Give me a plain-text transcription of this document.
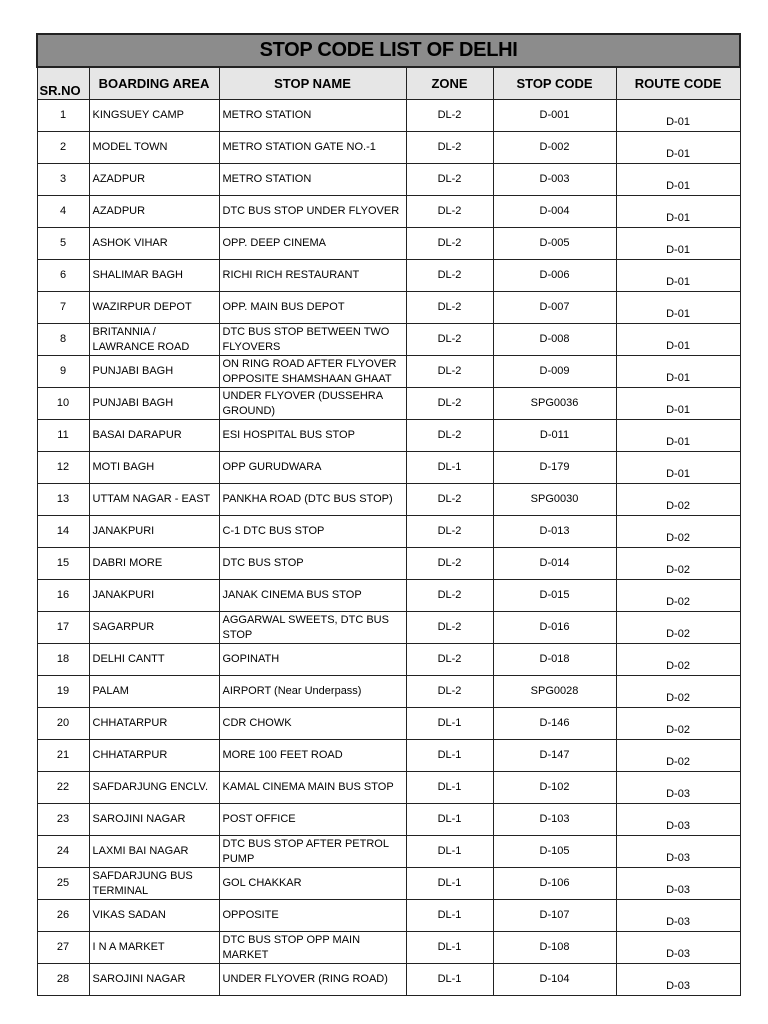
STOP CODE LIST OF DELHI					
SR.NO	BOARDING AREA	STOP NAME	ZONE	STOP CODE	ROUTE CODE
1	KINGSUEY CAMP	METRO STATION	DL-2	D-001	D-01
2	MODEL TOWN	METRO STATION GATE NO.-1	DL-2	D-002	D-01
3	AZADPUR	METRO STATION	DL-2	D-003	D-01
4	AZADPUR	DTC BUS STOP UNDER FLYOVER	DL-2	D-004	D-01
5	ASHOK VIHAR	OPP. DEEP CINEMA	DL-2	D-005	D-01
6	SHALIMAR BAGH	RICHI RICH RESTAURANT	DL-2	D-006	D-01
7	WAZIRPUR DEPOT	OPP. MAIN BUS DEPOT	DL-2	D-007	D-01
8	BRITANNIA / LAWRANCE ROAD	DTC BUS STOP BETWEEN TWO FLYOVERS	DL-2	D-008	D-01
9	PUNJABI BAGH	ON RING ROAD AFTER FLYOVER OPPOSITE SHAMSHAAN GHAAT	DL-2	D-009	D-01
10	PUNJABI BAGH	UNDER FLYOVER (DUSSEHRA GROUND)	DL-2	SPG0036	D-01
11	BASAI DARAPUR	ESI HOSPITAL BUS STOP	DL-2	D-011	D-01
12	MOTI BAGH	OPP GURUDWARA	DL-1	D-179	D-01
13	UTTAM NAGAR - EAST	PANKHA ROAD (DTC BUS STOP)	DL-2	SPG0030	D-02
14	JANAKPURI	C-1 DTC BUS STOP	DL-2	D-013	D-02
15	DABRI MORE	DTC BUS STOP	DL-2	D-014	D-02
16	JANAKPURI	JANAK CINEMA BUS STOP	DL-2	D-015	D-02
17	SAGARPUR	AGGARWAL SWEETS, DTC BUS STOP	DL-2	D-016	D-02
18	DELHI CANTT	GOPINATH	DL-2	D-018	D-02
19	PALAM	AIRPORT (Near Underpass)	DL-2	SPG0028	D-02
20	CHHATARPUR	CDR CHOWK	DL-1	D-146	D-02
21	CHHATARPUR	MORE 100 FEET ROAD	DL-1	D-147	D-02
22	SAFDARJUNG ENCLV.	KAMAL CINEMA MAIN BUS STOP	DL-1	D-102	D-03
23	SAROJINI NAGAR	POST OFFICE	DL-1	D-103	D-03
24	LAXMI BAI NAGAR	DTC BUS STOP AFTER PETROL PUMP	DL-1	D-105	D-03
25	SAFDARJUNG BUS TERMINAL	GOL CHAKKAR	DL-1	D-106	D-03
26	VIKAS SADAN	OPPOSITE	DL-1	D-107	D-03
27	I N A MARKET	DTC BUS STOP OPP MAIN MARKET	DL-1	D-108	D-03
28	SAROJINI NAGAR	UNDER FLYOVER (RING ROAD)	DL-1	D-104	D-03
